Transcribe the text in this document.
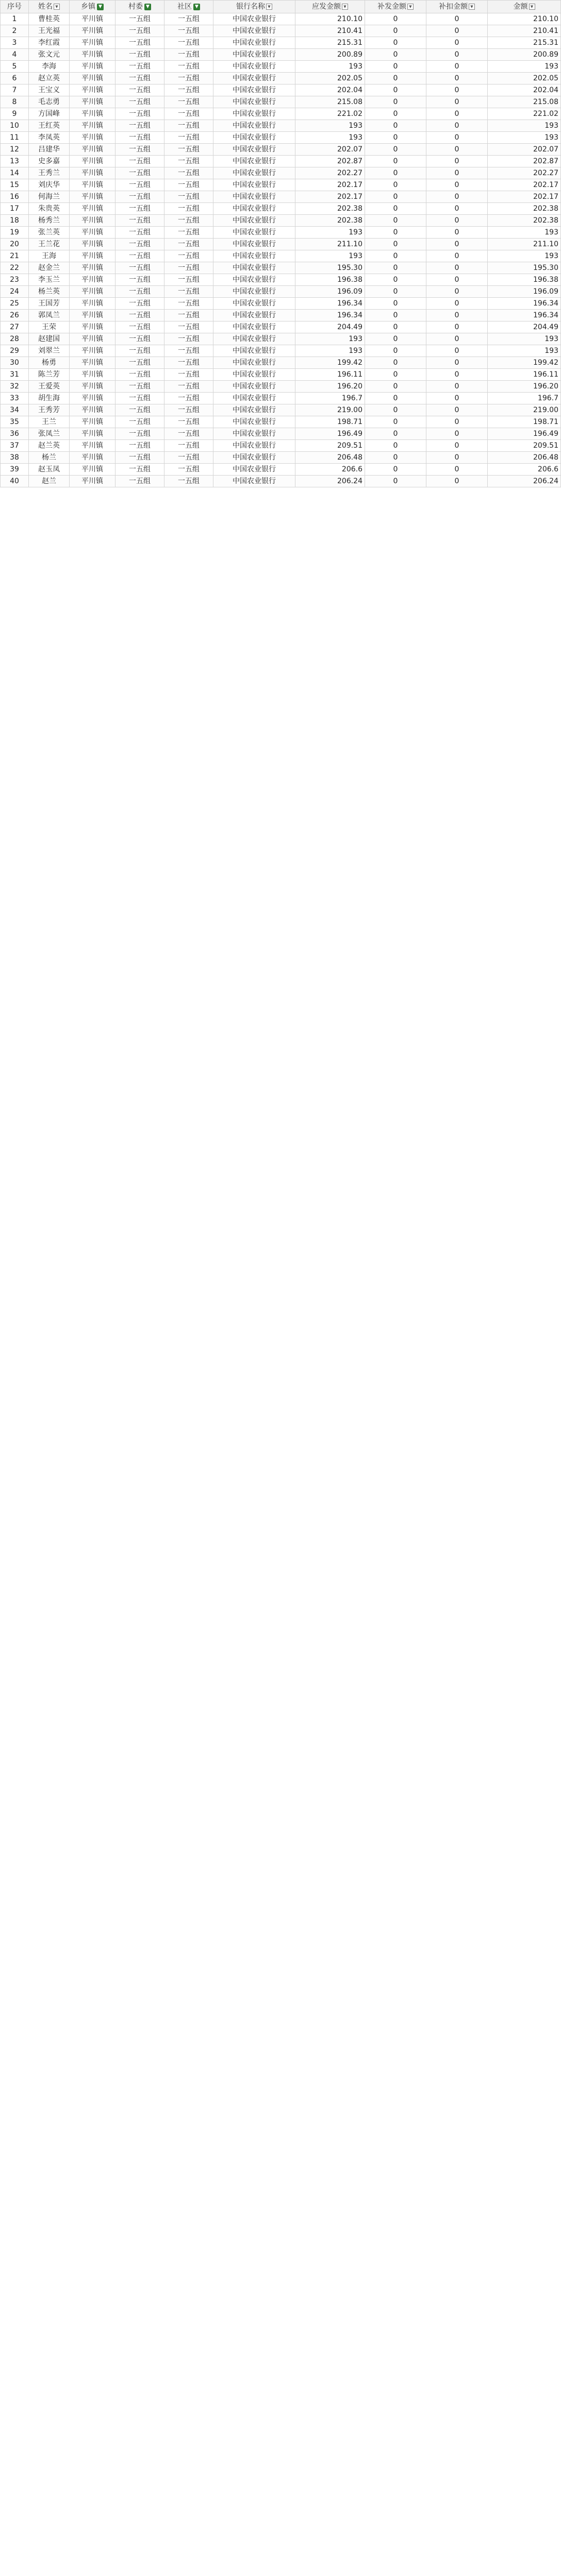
序号	姓名 ▼	乡镇 ▼	村委 ▼	社区 ▼	银行名称 ▼	应发金额 ▼	补发金额 ▼	补扣金额 ▼	金额 ▼
1	曹桂英	平川镇	一五组	一五组	中国农业银行	210.10	0	0	210.10
2	王光福	平川镇	一五组	一五组	中国农业银行	210.41	0	0	210.41
3	李红霞	平川镇	一五组	一五组	中国农业银行	215.31	0	0	215.31
4	张文元	平川镇	一五组	一五组	中国农业银行	200.89	0	0	200.89
5	李海	平川镇	一五组	一五组	中国农业银行	193	0	0	193
6	赵立英	平川镇	一五组	一五组	中国农业银行	202.05	0	0	202.05
7	王宝义	平川镇	一五组	一五组	中国农业银行	202.04	0	0	202.04
8	毛志勇	平川镇	一五组	一五组	中国农业银行	215.08	0	0	215.08
9	方国峰	平川镇	一五组	一五组	中国农业银行	221.02	0	0	221.02
10	王红英	平川镇	一五组	一五组	中国农业银行	193	0	0	193
11	李凤英	平川镇	一五组	一五组	中国农业银行	193	0	0	193
12	吕建华	平川镇	一五组	一五组	中国农业银行	202.07	0	0	202.07
13	史多嘉	平川镇	一五组	一五组	中国农业银行	202.87	0	0	202.87
14	王秀兰	平川镇	一五组	一五组	中国农业银行	202.27	0	0	202.27
15	刘庆华	平川镇	一五组	一五组	中国农业银行	202.17	0	0	202.17
16	何海兰	平川镇	一五组	一五组	中国农业银行	202.17	0	0	202.17
17	朱贵英	平川镇	一五组	一五组	中国农业银行	202.38	0	0	202.38
18	杨秀兰	平川镇	一五组	一五组	中国农业银行	202.38	0	0	202.38
19	张兰英	平川镇	一五组	一五组	中国农业银行	193	0	0	193
20	王兰花	平川镇	一五组	一五组	中国农业银行	211.10	0	0	211.10
21	王海	平川镇	一五组	一五组	中国农业银行	193	0	0	193
22	赵金兰	平川镇	一五组	一五组	中国农业银行	195.30	0	0	195.30
23	李玉兰	平川镇	一五组	一五组	中国农业银行	196.38	0	0	196.38
24	杨兰英	平川镇	一五组	一五组	中国农业银行	196.09	0	0	196.09
25	王国芳	平川镇	一五组	一五组	中国农业银行	196.34	0	0	196.34
26	郭凤兰	平川镇	一五组	一五组	中国农业银行	196.34	0	0	196.34
27	王荣	平川镇	一五组	一五组	中国农业银行	204.49	0	0	204.49
28	赵建国	平川镇	一五组	一五组	中国农业银行	193	0	0	193
29	刘翠兰	平川镇	一五组	一五组	中国农业银行	193	0	0	193
30	杨勇	平川镇	一五组	一五组	中国农业银行	199.42	0	0	199.42
31	陈兰芳	平川镇	一五组	一五组	中国农业银行	196.11	0	0	196.11
32	王爱英	平川镇	一五组	一五组	中国农业银行	196.20	0	0	196.20
33	胡生海	平川镇	一五组	一五组	中国农业银行	196.7	0	0	196.7
34	王秀芳	平川镇	一五组	一五组	中国农业银行	219.00	0	0	219.00
35	王兰	平川镇	一五组	一五组	中国农业银行	198.71	0	0	198.71
36	张凤兰	平川镇	一五组	一五组	中国农业银行	196.49	0	0	196.49
37	赵兰英	平川镇	一五组	一五组	中国农业银行	209.51	0	0	209.51
38	杨兰	平川镇	一五组	一五组	中国农业银行	206.48	0	0	206.48
39	赵玉凤	平川镇	一五组	一五组	中国农业银行	206.6	0	0	206.6
40	赵兰	平川镇	一五组	一五组	中国农业银行	206.24	0	0	206.24
